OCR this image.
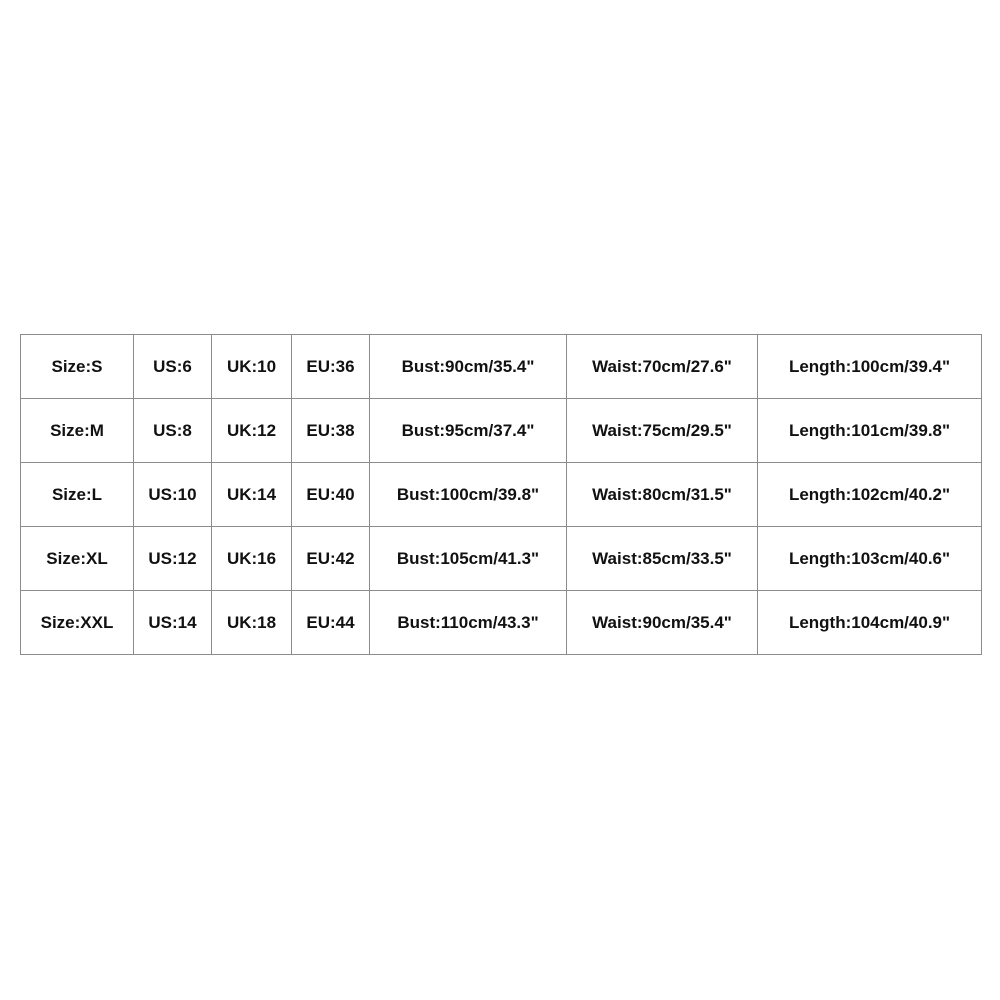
Size:S	US:6	UK:10	EU:36	Bust:90cm/35.4"	Waist:70cm/27.6"	Length:100cm/39.4"
Size:M	US:8	UK:12	EU:38	Bust:95cm/37.4"	Waist:75cm/29.5"	Length:101cm/39.8"
Size:L	US:10	UK:14	EU:40	Bust:100cm/39.8"	Waist:80cm/31.5"	Length:102cm/40.2"
Size:XL	US:12	UK:16	EU:42	Bust:105cm/41.3"	Waist:85cm/33.5"	Length:103cm/40.6"
Size:XXL	US:14	UK:18	EU:44	Bust:110cm/43.3"	Waist:90cm/35.4"	Length:104cm/40.9"
